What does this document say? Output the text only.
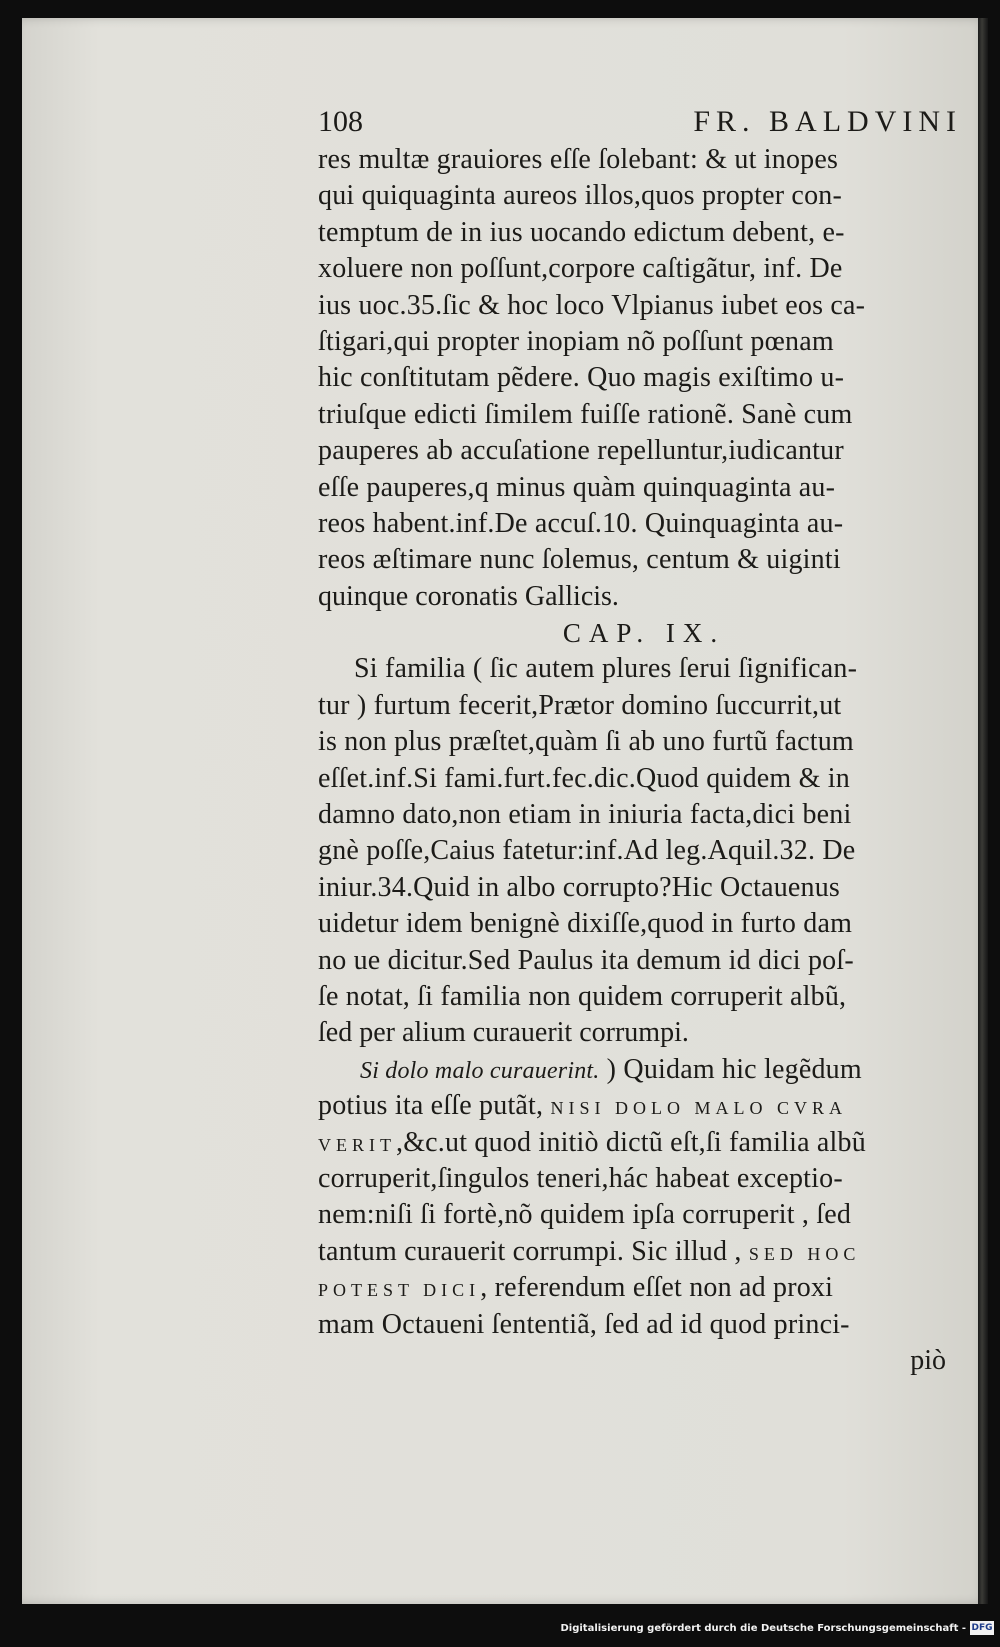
108	FR. BALDVINI
res multæ grauiores eſſe ſolebant: & ut inopes
qui quiquaginta aureos illos,quos propter con-
temptum de in ius uocando edictum debent, e-
xoluere non poſſunt,corpore caſtigãtur, inf. De
ius uoc.35.ſic & hoc loco Vlpianus iubet eos ca-
ſtigari,qui propter inopiam nõ poſſunt pœnam
hic conſtitutam pẽdere. Quo magis exiſtimo u-
triuſque edicti ſimilem fuiſſe rationẽ. Sanè cum
pauperes ab accuſatione repelluntur,iudicantur
eſſe pauperes,q minus quàm quinquaginta au-
reos habent.inf.De accuſ.10. Quinquaginta au-
reos æſtimare nunc ſolemus, centum & uiginti
quinque coronatis Gallicis.
CAP. IX.
Si familia ( ſic autem plures ſerui ſignifican-
tur ) furtum fecerit,Prætor domino ſuccurrit,ut
is non plus præſtet,quàm ſi ab uno furtũ factum
eſſet.inf.Si fami.furt.fec.dic.Quod quidem & in
damno dato,non etiam in iniuria facta,dici beni
gnè poſſe,Caius fatetur:inf.Ad leg.Aquil.32. De
iniur.34.Quid in albo corrupto?Hic Octauenus
uidetur idem benignè dixiſſe,quod in furto dam
no ue dicitur.Sed Paulus ita demum id dici poſ-
ſe notat, ſi familia non quidem corruperit albũ,
ſed per alium curauerit corrumpi.
Si dolo malo curauerint. ) Quidam hic legẽdum
potius ita eſſe putãt, NISI DOLO MALO CVRA
VERIT,&c.ut quod initiò dictũ eſt,ſi familia albũ
corruperit,ſingulos teneri,hác habeat exceptio-
nem:niſi ſi fortè,nõ quidem ipſa corruperit , ſed
tantum curauerit corrumpi. Sic illud , SED HOC
POTEST DICI, referendum eſſet non ad proxi
mam Octaueni ſententiã, ſed ad id quod princi-
piò
Digitalisierung gefördert durch die Deutsche Forschungsgemeinschaft - DFG
